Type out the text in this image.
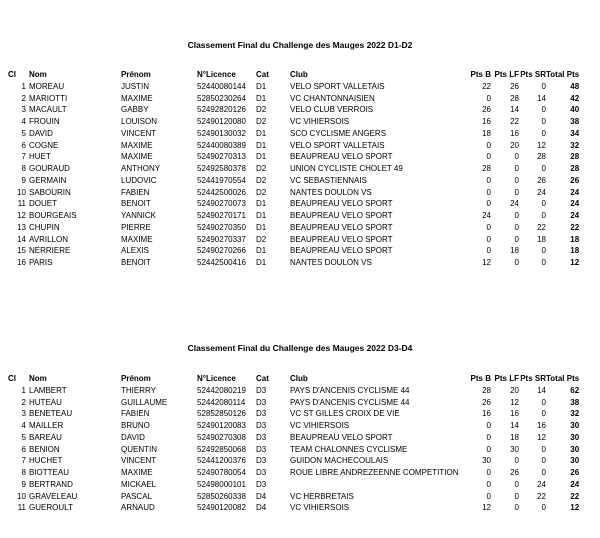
Classement Final du Challenge des Mauges 2022 D1-D2
Cl	Nom	Prénom	N°Licence	Cat	Club	Pts B	Pts LF	Pts SR	Total Pts
1	MOREAU	JUSTIN	52440080144	D1	VELO SPORT VALLETAIS	22	26	0	48
2	MARIOTTI	MAXIME	52850230264	D1	VC CHANTONNAISIEN	0	28	14	42
3	MACAULT	GABBY	52492820126	D2	VELO CLUB VERROIS	26	14	0	40
4	FROUIN	LOUISON	52490120080	D2	VC VIHIERSOIS	16	22	0	38
5	DAVID	VINCENT	52490130032	D1	SCO CYCLISME ANGERS	18	16	0	34
6	COGNE	MAXIME	52440080389	D1	VELO SPORT VALLETAIS	0	20	12	32
7	HUET	MAXIME	52490270313	D1	BEAUPREAU VELO SPORT	0	0	28	28
8	GOURAUD	ANTHONY	52492580378	D2	UNION CYCLISTE CHOLET 49	28	0	0	28
9	GERMAIN	LUDOVIC	52441970554	D2	VC SEBASTIENNAIS	0	0	26	26
10	SABOURIN	FABIEN	52442500026	D2	NANTES DOULON VS	0	0	24	24
11	DOUET	BENOIT	52490270073	D1	BEAUPREAU VELO SPORT	0	24	0	24
12	BOURGEAIS	YANNICK	52490270171	D1	BEAUPREAU VELO SPORT	24	0	0	24
13	CHUPIN	PIERRE	52490270350	D1	BEAUPREAU VELO SPORT	0	0	22	22
14	AVRILLON	MAXIME	52490270337	D2	BEAUPREAU VELO SPORT	0	0	18	18
15	NERRIERE	ALEXIS	52490270266	D1	BEAUPREAU VELO SPORT	0	18	0	18
16	PARIS	BENOIT	52442500416	D1	NANTES DOULON VS	12	0	0	12
Classement Final du Challenge des Mauges 2022 D3-D4
Cl	Nom	Prénom	N°Licence	Cat	Club	Pts B	Pts LF	Pts SR	Total Pts
1	LAMBERT	THIERRY	52442080219	D3	PAYS D'ANCENIS CYCLISME 44	28	20	14	62
2	HUTEAU	GUILLAUME	52442080114	D3	PAYS D'ANCENIS CYCLISME 44	26	12	0	38
3	BENETEAU	FABIEN	52852850126	D3	VC ST GILLES CROIX DE VIE	16	16	0	32
4	MAILLER	BRUNO	52490120083	D3	VC VIHIERSOIS	0	14	16	30
5	BAREAU	DAVID	52490270308	D3	BEAUPREAU VELO SPORT	0	18	12	30
6	BENION	QUENTIN	52492850068	D3	TEAM CHALONNES CYCLISME	0	30	0	30
7	HUCHET	VINCENT	52441200376	D3	GUIDON MACHECOULAIS	30	0	0	30
8	BIOTTEAU	MAXIME	52490780054	D3	ROUE LIBRE ANDREZEENNE COMPETITION	0	26	0	26
9	BERTRAND	MICKAEL	52498000101	D3		0	0	24	24
10	GRAVELEAU	PASCAL	52850260338	D4	VC HERBRETAIS	0	0	22	22
11	GUEROULT	ARNAUD	52490120082	D4	VC VIHIERSOIS	12	0	0	12
